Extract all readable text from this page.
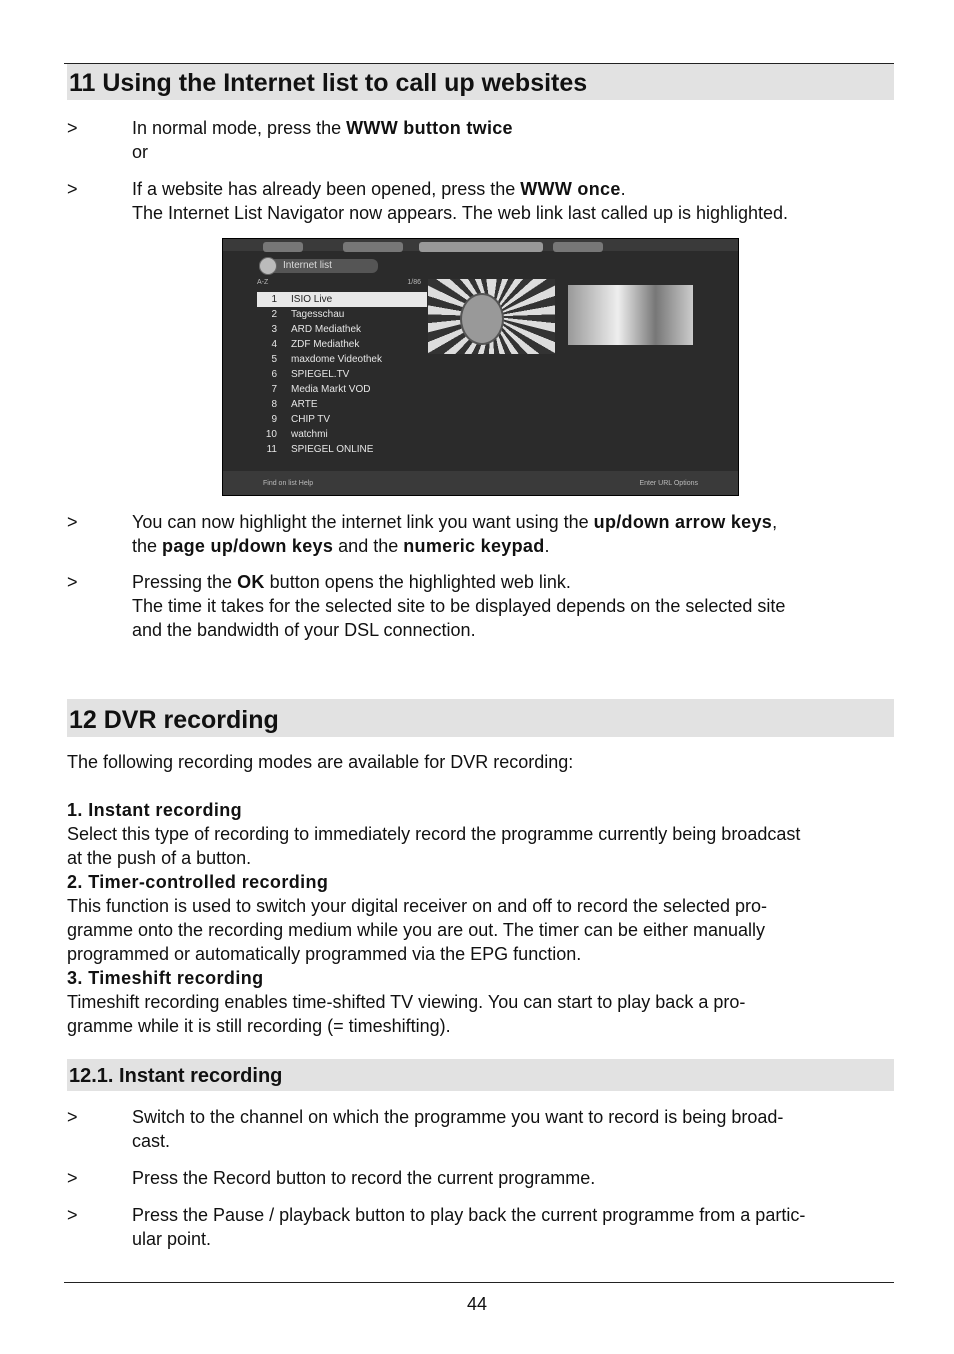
11 Using the Internet list to call up websites
>	In normal mode, press the WWW button twice
or
>	If a website has already been opened, press the WWW once.
The Internet List Navigator now appears. The web link last called up is highlighted.
Internet list
A-Z	1/86
1 ISIO Live
2 Tagesschau
3 ARD Mediathek
4 ZDF Mediathek
5 maxdome Videothek
6 SPIEGEL.TV
7 Media Markt VOD
8 ARTE
9 CHIP TV
10 watchmi
11 SPIEGEL ONLINE
Find on list Help	Enter URL Options
>	You can now highlight the internet link you want using the up/down arrow keys,
the page up/down keys and the numeric keypad.
>	Pressing the OK button opens the highlighted web link.
The time it takes for the selected site to be displayed depends on the selected site
and the bandwidth of your DSL connection.
12 DVR recording
The following recording modes are available for DVR recording:
1. Instant recording
Select this type of recording to immediately record the programme currently being broadcast
at the push of a button.
2. Timer-controlled recording
This function is used to switch your digital receiver on and off to record the selected pro-
gramme onto the recording medium while you are out. The timer can be either manually
programmed or automatically programmed via the EPG function.
3. Timeshift recording
Timeshift recording enables time-shifted TV viewing. You can start to play back a pro-
gramme while it is still recording (= timeshifting).
12.1. Instant recording
>	Switch to the channel on which the programme you want to record is being broad-
cast.
>	Press the Record button to record the current programme.
>	Press the Pause / playback button to play back the current programme from a partic-
ular point.
44
